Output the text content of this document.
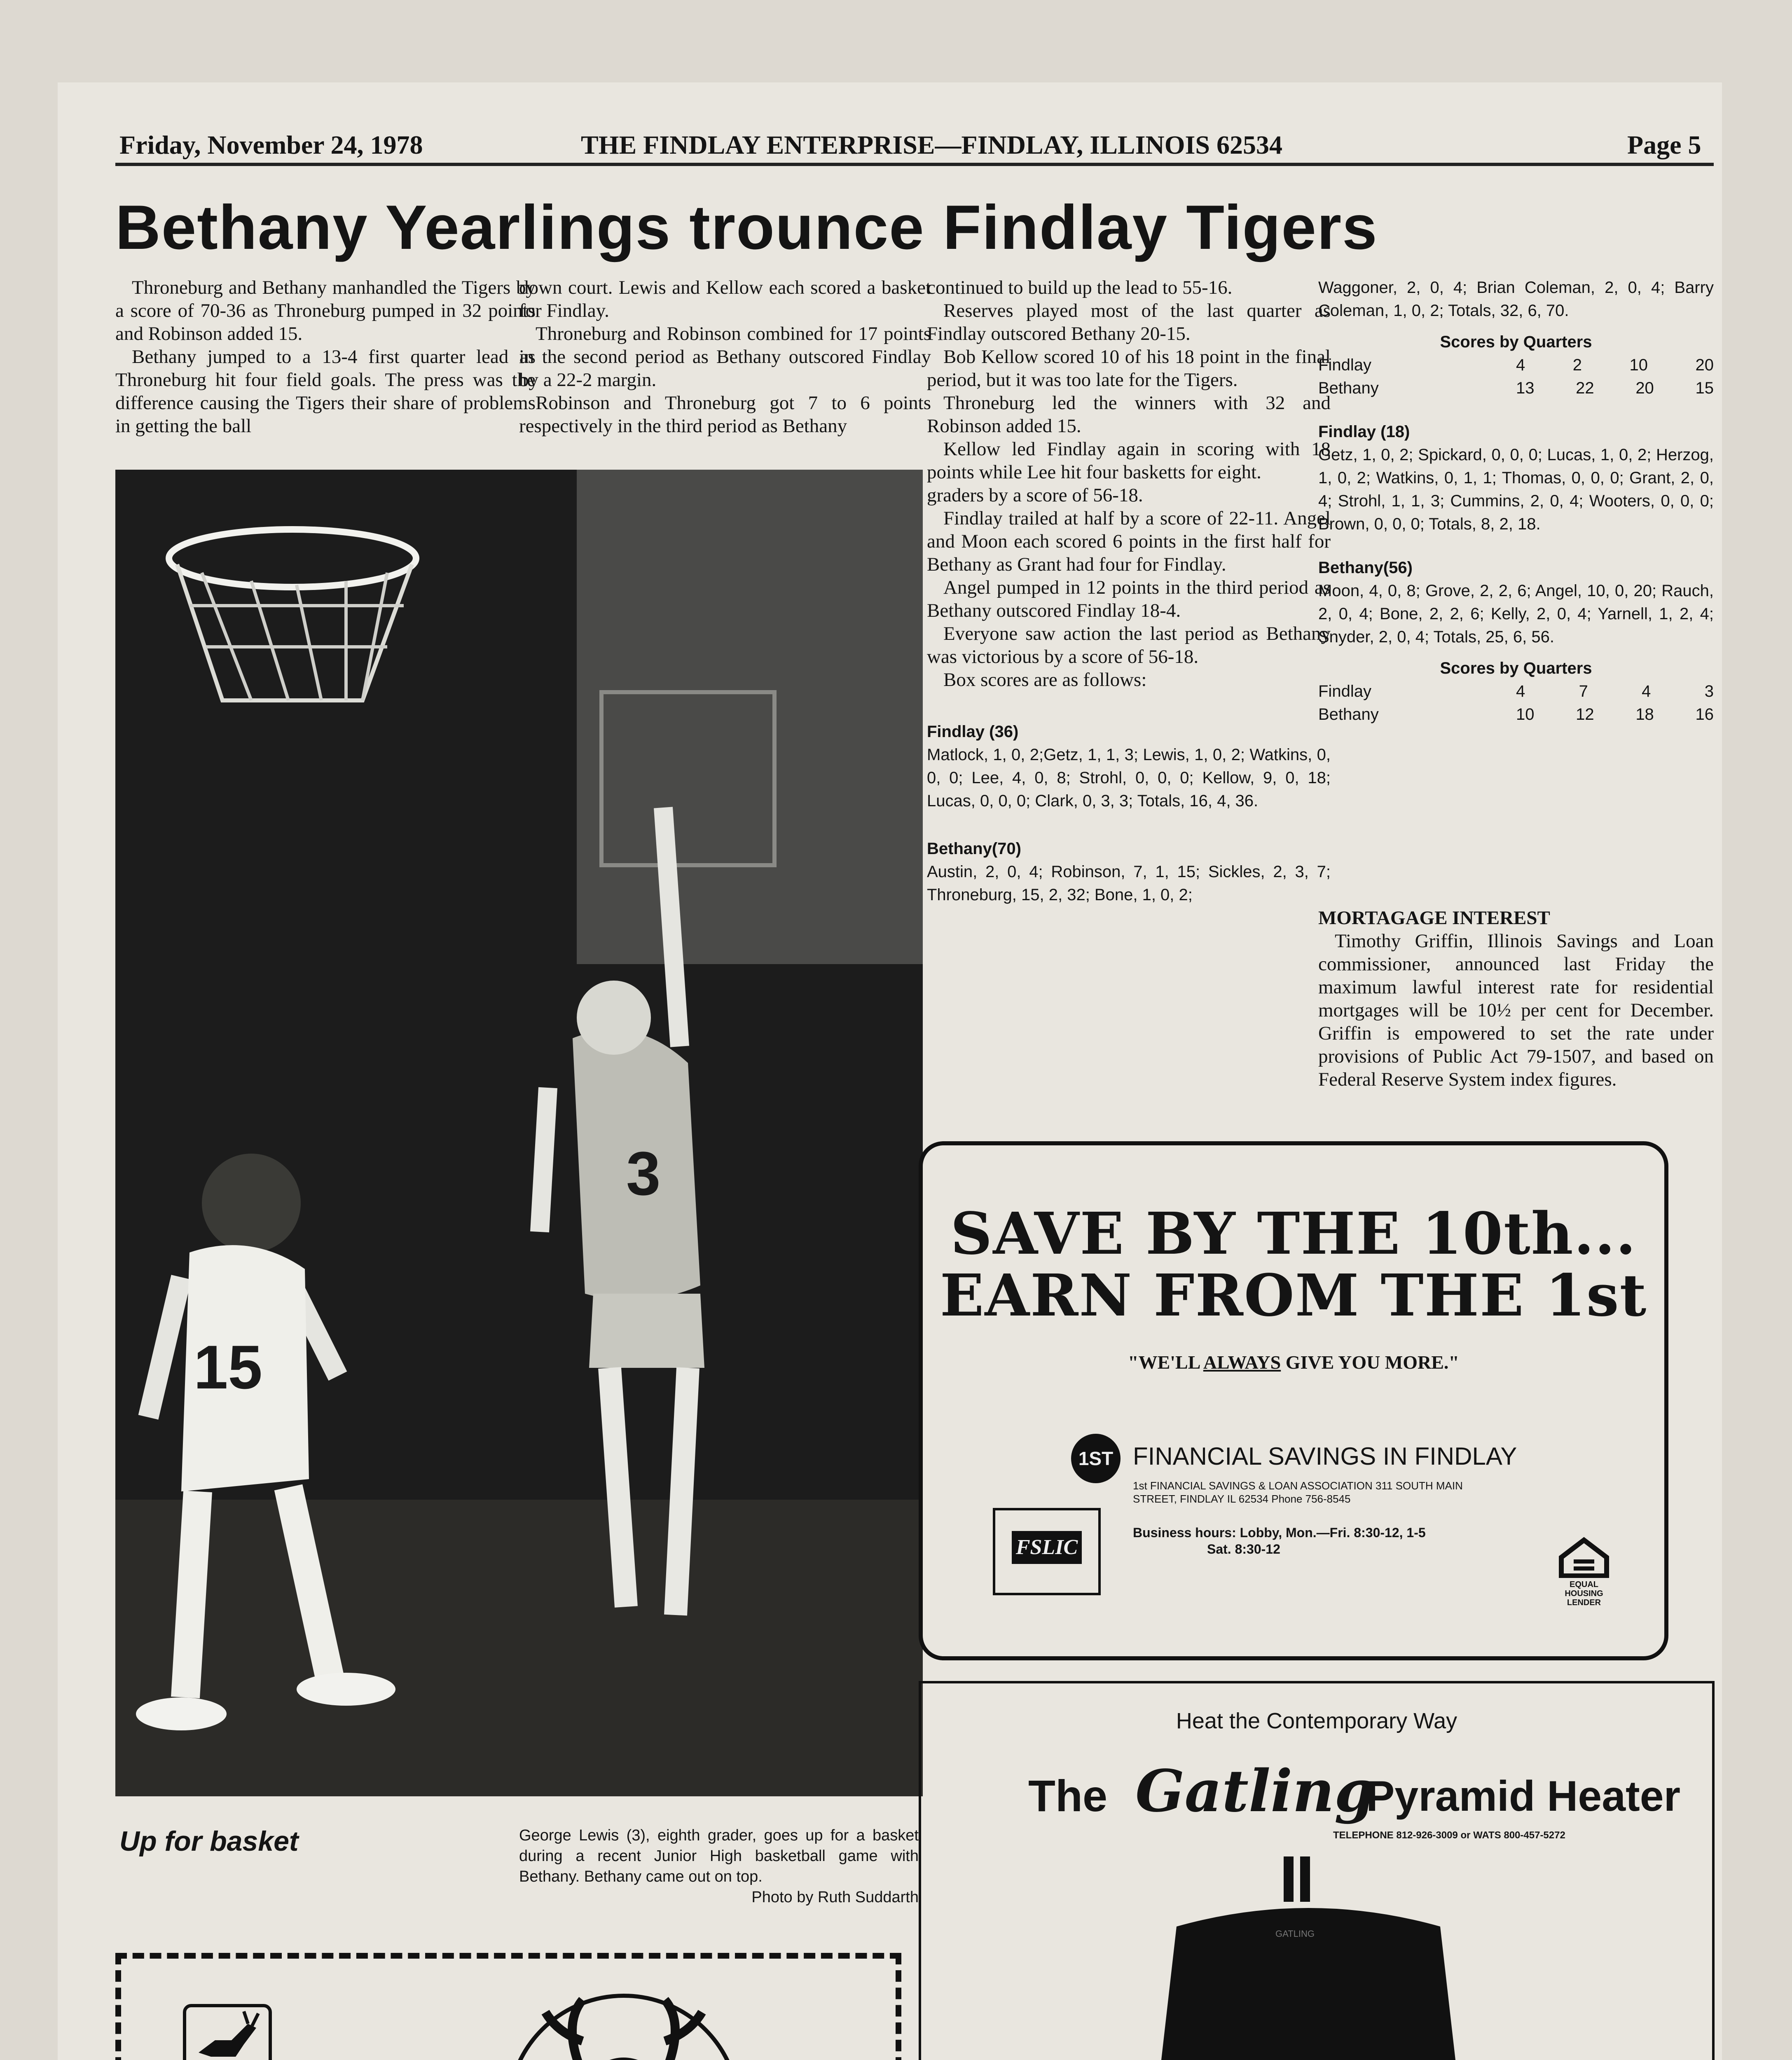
Friday, November 24, 1978	THE FINDLAY ENTERPRISE—FINDLAY, ILLINOIS 62534	Page 5
Bethany Yearlings trounce Findlay Tigers

Throneburg and Bethany manhandled the Tigers by a score of 70-36 as Throneburg pumped in 32 points and Robinson added 15.

Bethany jumped to a 13-4 first quarter lead as Throneburg hit four field goals. The press was the difference causing the Tigers their share of problems in getting the ball

down court. Lewis and Kellow each scored a basket for Findlay.

Throneburg and Robinson combined for 17 points in the second period as Bethany outscored Findlay by a 22-2 margin.

Robinson and Throneburg got 7 to 6 points respectively in the third period as Bethany

3
15
Up for basket	George Lewis (3), eighth grader, goes up for a basket during a recent Junior High basketball game with Bethany. Bethany came out on top.
Photo by Ruth Suddarth

continued to build up the lead to 55-16.

Reserves played most of the last quarter as Findlay outscored Bethany 20-15.

Bob Kellow scored 10 of his 18 point in the final period, but it was too late for the Tigers.

Throneburg led the winners with 32 and Robinson added 15.

Kellow led Findlay again in scoring with 18 points while Lee hit four basketts for eight.

graders by a score of 56-18.

Findlay trailed at half by a score of 22-11. Angel and Moon each scored 6 points in the first half for Bethany as Grant had four for Findlay.

Angel pumped in 12 points in the third period as Bethany outscored Findlay 18-4.

Everyone saw action the last period as Bethany was victorious by a score of 56-18.

Box scores are as follows:

Findlay (36)
Matlock, 1, 0, 2;Getz, 1, 1, 3; Lewis, 1, 0, 2; Watkins, 0, 0, 0; Lee, 4, 0, 8; Strohl, 0, 0, 0; Kellow, 9, 0, 18; Lucas, 0, 0, 0; Clark, 0, 3, 3; Totals, 16, 4, 36.
Bethany(70)
Austin, 2, 0, 4; Robinson, 7, 1, 15; Sickles, 2, 3, 7; Throneburg, 15, 2, 32; Bone, 1, 0, 2;
Waggoner, 2, 0, 4; Brian Coleman, 2, 0, 4; Barry Coleman, 1, 0, 2; Totals, 32, 6, 70.
Scores by Quarters
Findlay	4	2	10	20
Bethany	13	22	20	15
Findlay (18)
Getz, 1, 0, 2; Spickard, 0, 0, 0; Lucas, 1, 0, 2; Herzog, 1, 0, 2; Watkins, 0, 1, 1; Thomas, 0, 0, 0; Grant, 2, 0, 4; Strohl, 1, 1, 3; Cummins, 2, 0, 4; Wooters, 0, 0, 0; Brown, 0, 0, 0; Totals, 8, 2, 18.
Bethany(56)
Moon, 4, 0, 8; Grove, 2, 2, 6; Angel, 10, 0, 20; Rauch, 2, 0, 4; Bone, 2, 2, 6; Kelly, 2, 0, 4; Yarnell, 1, 2, 4; Snyder, 2, 0, 4; Totals, 25, 6, 56.
Scores by Quarters
Findlay	4	7	4	3
Bethany	10	12	18	16
MORTAGAGE INTEREST

Timothy Griffin, Illinois Savings and Loan commissioner, announced last Friday the maximum lawful interest rate for residential mortgages will be 10½ per cent for December. Griffin is empowered to set the rate under provisions of Public Act 79-1507, and based on Federal Reserve System index figures.

SAVE BY THE 10th...
EARN FROM THE 1st
"WE'LL ALWAYS GIVE YOU MORE."
1ST FINANCIAL SAVINGS IN FINDLAY
1st FINANCIAL SAVINGS & LOAN ASSOCIATION 311 SOUTH MAIN STREET, FINDLAY IL 62534 Phone 756-8545
FSLIC
Business hours: Lobby, Mon.—Fri. 8:30-12, 1-5
Sat. 8:30-12
EQUAL HOUSING LENDER
Heat the Contemporary Way
The Gatling
Pyramid Heater
TELEPHONE 812-926-3009 or WATS 800-457-5272
GATLING
